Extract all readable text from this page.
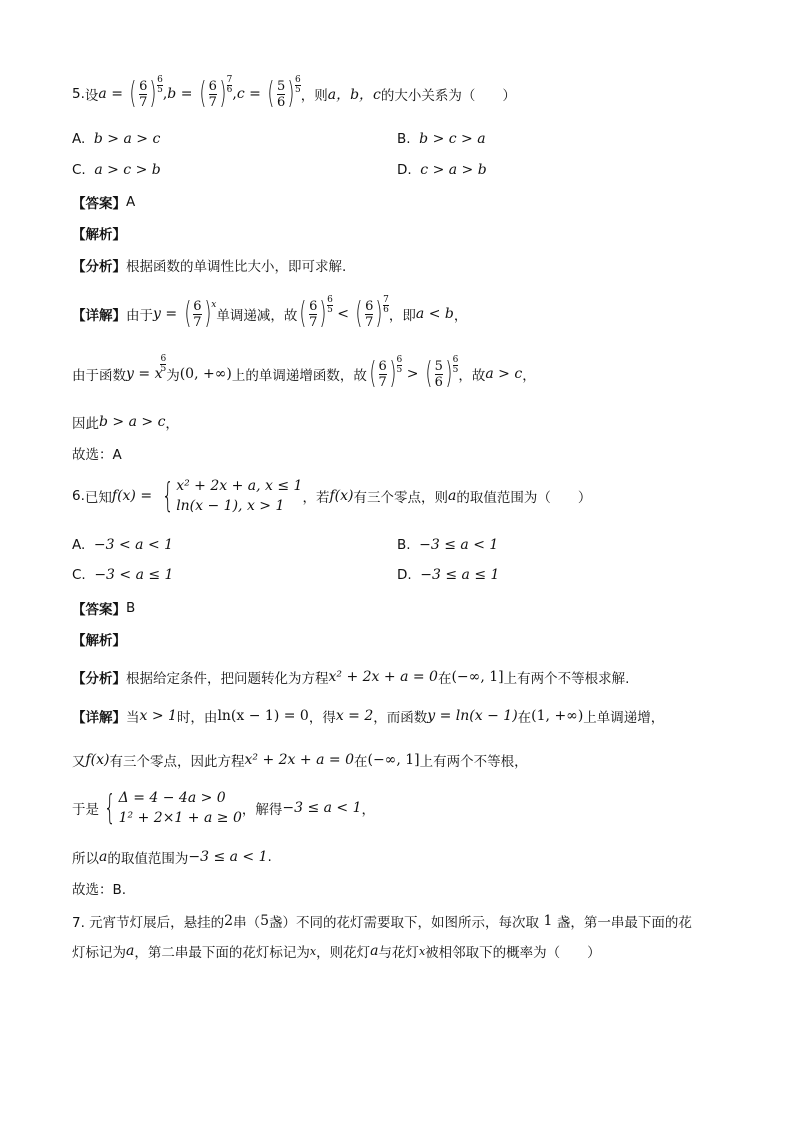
5. 设 a = ( $\frac{6}{7}$ ) $\frac{6}{5}$ , b = ( $\frac{6}{7}$ ) $\frac{7}{6}$ , c = ( $\frac{5}{6}$ ) $\frac{6}{5}$
，则 a，b，c 的大小关系为（　　）
A. b > a > c	B. b > c > a
C. a > c > b	D. c > a > b
【答案】 A
【解析】
【分析】 根据函数的单调性比大小，即可求解.
【详解】 由于 y = ( $\frac{6}{7}$ ) x
单调递减，故 ( $\frac{6}{7}$ ) $\frac{6}{5}$ < ( $\frac{6}{7}$ ) $\frac{7}{6}$
，即 a < b ，
由于函数 y = x
$\frac{6}{5}$
为 (0, +∞) 上的单调递增函数，故 ( $\frac{6}{7}$ ) $\frac{6}{5}$ > ( $\frac{5}{6}$ ) $\frac{6}{5}$
，故 a > c ，
因此 b > a > c ，
故选：A
6. 已知 f(x) = { x² + 2x + a, x ≤ 1
ln(x − 1), x > 1	，若 f(x) 有三个零点，则 a 的取值范围为（　　）
A. −3 < a < 1	B. −3 ≤ a < 1
C. −3 < a ≤ 1	D. −3 ≤ a ≤ 1
【答案】 B
【解析】
【分析】 根据给定条件，把问题转化为方程 x² + 2x + a = 0 在 (−∞, 1] 上有两个不等根求解.
【详解】 当 x > 1 时，由 ln(x − 1) = 0 ，得 x = 2 ，而函数 y = ln(x − 1) 在 (1, +∞) 上单调递增，
又 f(x) 有三个零点，因此方程 x² + 2x + a = 0 在 (−∞, 1] 上有两个不等根，
于是 { Δ = 4 − 4a > 0
1² + 2×1 + a ≥ 0 ，解得 −3 ≤ a < 1 ，
所以 a 的取值范围为 −3 ≤ a < 1 .
故选：B.
7. 元宵节灯展后，悬挂的 2 串（ 5 盏）不同的花灯需要取下，如图所示，每次取
1
盏，第一串最下面的花
灯标记为 a ，第二串最下面的花灯标记为 x ，则花灯 a 与花灯 x 被相邻取下的概率为（　　）
